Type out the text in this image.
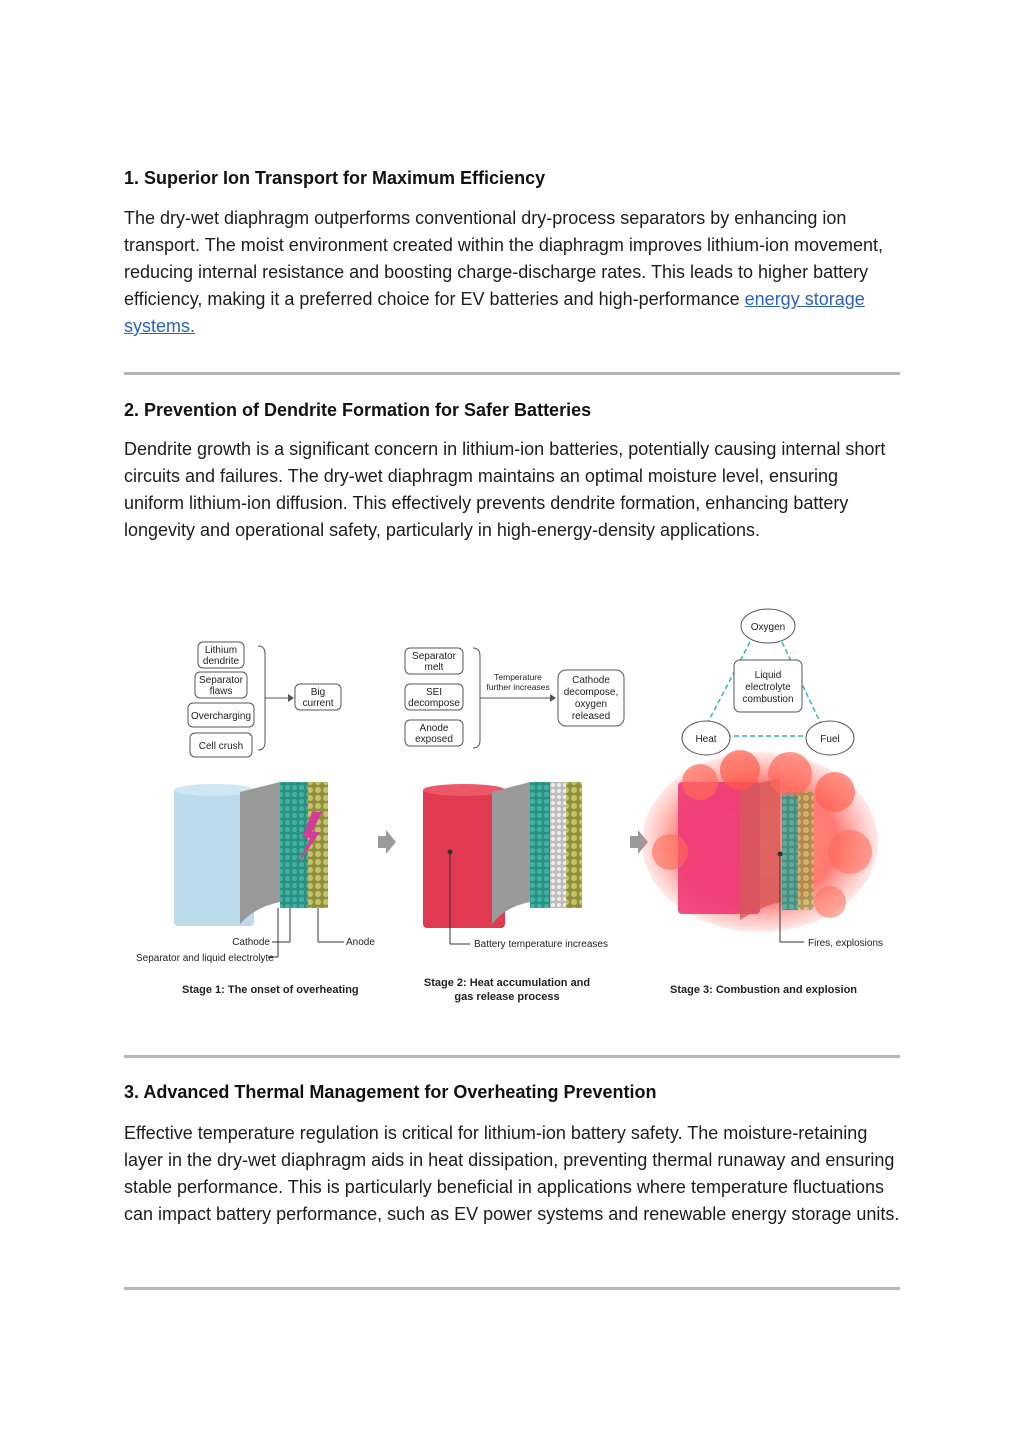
1. Superior Ion Transport for Maximum Efficiency

The dry-wet diaphragm outperforms conventional dry-process separators by enhancing ion transport. The moist environment created within the diaphragm improves lithium-ion movement, reducing internal resistance and boosting charge-discharge rates. This leads to higher battery efficiency, making it a preferred choice for EV batteries and high-performance energy storage systems.

2. Prevention of Dendrite Formation for Safer Batteries

Dendrite growth is a significant concern in lithium-ion batteries, potentially causing internal short circuits and failures. The dry-wet diaphragm maintains an optimal moisture level, ensuring uniform lithium-ion diffusion. This effectively prevents dendrite formation, enhancing battery longevity and operational safety, particularly in high-energy-density applications.

3. Advanced Thermal Management for Overheating Prevention

Effective temperature regulation is critical for lithium-ion battery safety. The moisture-retaining layer in the dry-wet diaphragm aids in heat dissipation, preventing thermal runaway and ensuring stable performance. This is particularly beneficial in applications where temperature fluctuations can impact battery performance, such as EV power systems and renewable energy storage units.

Lithium
dendrite
Separator
flaws
Overcharging
Cell crush
Big
current
Separator
melt
SEI
decompose
Anode
exposed
Temperature
further increases
Cathode
decompose,
oxygen
released
Oxygen
Heat	Fuel
Liquid
electrolyte
combustion
Cathode	Anode
Separator and liquid electrolyte
Battery temperature increases	Fires, explosions
Stage 1: The onset of overheating
Stage 2: Heat accumulation and
gas release process
Stage 3: Combustion and explosion
